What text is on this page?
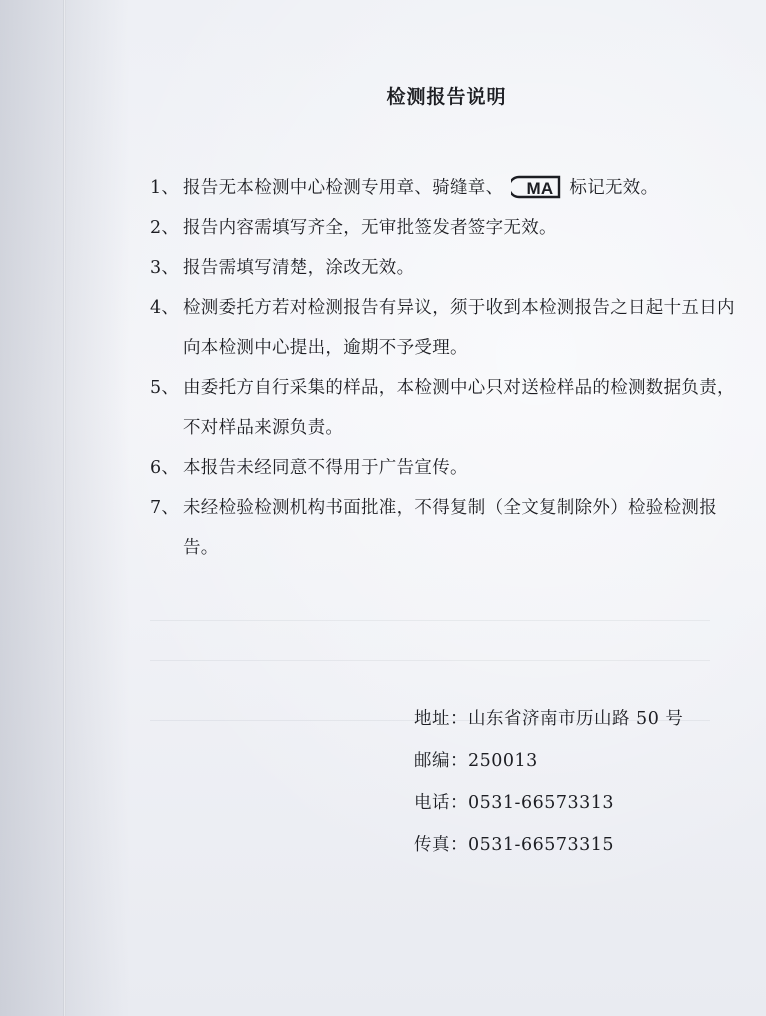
检测报告说明

1、 报告无本检测中心检测专用章、骑缝章、 MA 标记无效。

2、 报告内容需填写齐全，无审批签发者签字无效。

3、 报告需填写清楚，涂改无效。

4、 检测委托方若对检测报告有异议，须于收到本检测报告之日起十五日内向本检测中心提出，逾期不予受理。

5、 由委托方自行采集的样品，本检测中心只对送检样品的检测数据负责，不对样品来源负责。

6、 本报告未经同意不得用于广告宣传。

7、 未经检验检测机构书面批准，不得复制（全文复制除外）检验检测报告。

地址：山东省济南市历山路 50 号
邮编：250013
电话：0531-66573313
传真：0531-66573315
